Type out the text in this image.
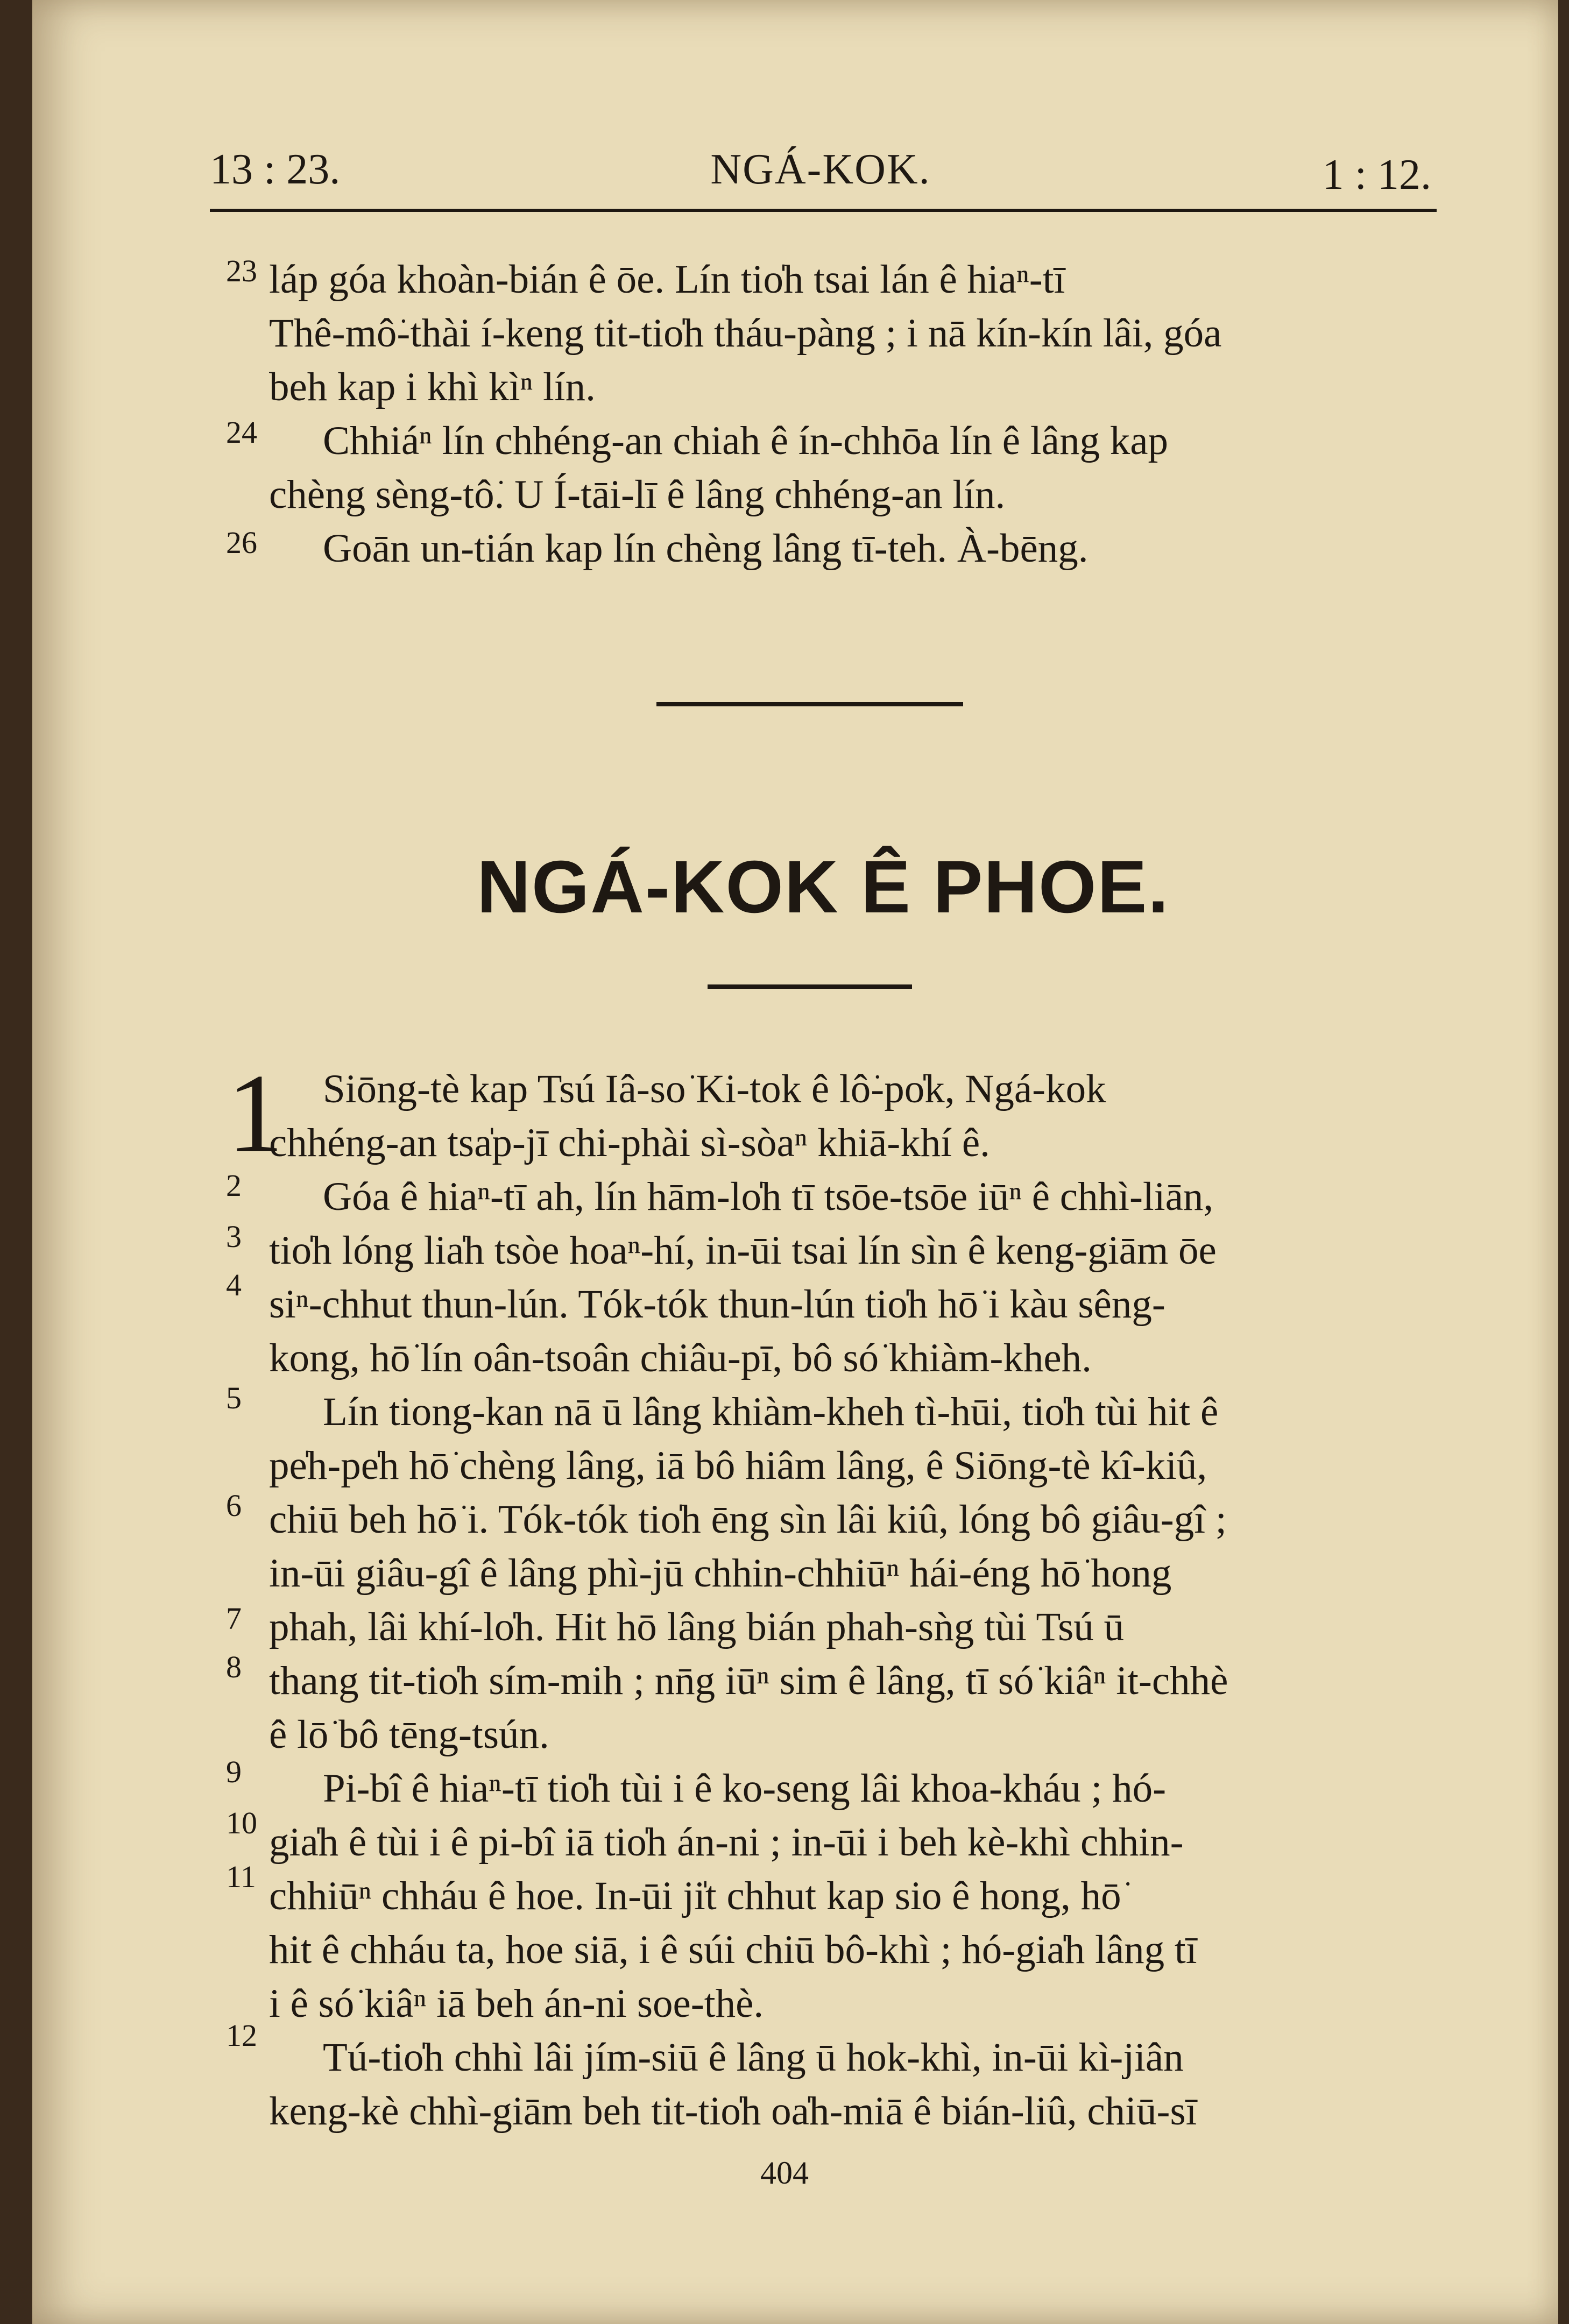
13 : 23.	NGÁ-KOK.	1 : 12.
23
24
26

láp góa khoàn-bián ê ōe. Lín tio̍h tsai lán ê hiaⁿ-tī

Thê-mô͘-thài í-keng tit-tio̍h tháu-pàng ; i nā kín-kín lâi, góa

beh kap i khì kìⁿ lín.

Chhiáⁿ lín chhéng-an chiah ê ín-chhōa lín ê lâng kap

chèng sèng-tô͘. U Í-tāi-lī ê lâng chhéng-an lín.

Goān un-tián kap lín chèng lâng tī-teh. À-bēng.

NGÁ-KOK Ê PHOE.
1
2
3
4
5
6
7
8
9
10
11
12

Siōng-tè kap Tsú Iâ-so͘ Ki-tok ê lô͘-po̍k, Ngá-kok

chhéng-an tsa̍p-jī chi-phài sì-sòaⁿ khiā-khí ê.

Góa ê hiaⁿ-tī ah, lín hām-lo̍h tī tsōe-tsōe iūⁿ ê chhì-liān,

tio̍h lóng lia̍h tsòe hoaⁿ-hí, in-ūi tsai lín sìn ê keng-giām ōe

siⁿ-chhut thun-lún. Tók-tók thun-lún tio̍h hō͘ i kàu sêng-

kong, hō͘ lín oân-tsoân chiâu-pī, bô só͘ khiàm-kheh.

Lín tiong-kan nā ū lâng khiàm-kheh tì-hūi, tio̍h tùi hit ê

pe̍h-pe̍h hō͘ chèng lâng, iā bô hiâm lâng, ê Siōng-tè kî-kiû,

chiū beh hō͘ i. Tók-tók tio̍h ēng sìn lâi kiû, lóng bô giâu-gî ;

in-ūi giâu-gî ê lâng phì-jū chhin-chhiūⁿ hái-éng hō͘ hong

phah, lâi khí-lo̍h. Hit hō lâng bián phah-sǹg tùi Tsú ū

thang tit-tio̍h sím-mih ; nn̄g iūⁿ sim ê lâng, tī só͘ kiâⁿ it-chhè

ê lō͘ bô tēng-tsún.

Pi-bî ê hiaⁿ-tī tio̍h tùi i ê ko-seng lâi khoa-kháu ; hó-

gia̍h ê tùi i ê pi-bî iā tio̍h án-ni ; in-ūi i beh kè-khì chhin-

chhiūⁿ chháu ê hoe. In-ūi ji̍t chhut kap sio ê hong, hō͘

hit ê chháu ta, hoe siā, i ê súi chiū bô-khì ; hó-gia̍h lâng tī

i ê só͘ kiâⁿ iā beh án-ni soe-thè.

Tú-tio̍h chhì lâi jím-siū ê lâng ū hok-khì, in-ūi kì-jiân

keng-kè chhì-giām beh tit-tio̍h oa̍h-miā ê bián-liû, chiū-sī

404
